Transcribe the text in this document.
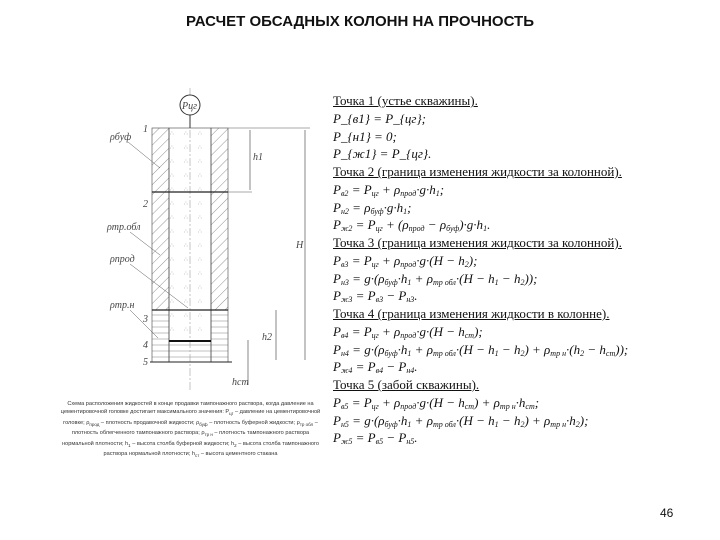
РАСЧЕТ ОБСАДНЫХ КОЛОНН НА ПРОЧНОСТЬ
Pцг
h1
H
h2
hст
ρбуф
ρтр.обл
ρпрод
ρтр.н
1
2
3
4
5
Точка 1 (устье скважины).
P_{в1} = P_{цг};
P_{н1} = 0;
P_{ж1} = P_{цг}.
Точка 2 (граница изменения жидкости за колонной).
$P_{в2} = P_{цг} + \rho_{прод}\cdot g\cdot h_1$;
$P_{н2} = \rho_{буф}\cdot g\cdot h_1$;
$P_{ж2} = P_{цг} + (\rho_{прод} - \rho_{буф})\cdot g\cdot h_1$.
Точка 3 (граница изменения жидкости за колонной).
$P_{в3} = P_{цг} + \rho_{прод}\cdot g\cdot(H - h_2)$;
$P_{н3} = g\cdot(\rho_{буф}\cdot h_1 + \rho_{тр обл}\cdot(H - h_1 - h_2))$;
$P_{ж3} = P_{в3} - P_{н3}$.
Точка 4 (граница изменения жидкости в колонне).
$P_{в4} = P_{цг} + \rho_{прод}\cdot g\cdot(H - h_{ст})$;
$P_{н4} = g\cdot(\rho_{буф}\cdot h_1 + \rho_{тр обл}\cdot(H - h_1 - h_2) + \rho_{тр н}\cdot(h_2 - h_{ст}))$;
$P_{ж4} = P_{в4} - P_{н4}$.
Точка 5 (забой скважины).
$P_{в5} = P_{цг} + \rho_{прод}\cdot g\cdot(H - h_{ст}) + \rho_{тр н}\cdot h_{ст}$;
$P_{н5} = g\cdot(\rho_{буф}\cdot h_1 + \rho_{тр обл}\cdot(H - h_1 - h_2) + \rho_{тр н}\cdot h_2)$;
$P_{ж5} = P_{в5} - P_{н5}$.
Схема расположения жидкостей в конце продавки тампонажного раствора, когда давление на цементировочной головке достигает максимального значения: $P_{цг}$ – давление на цементировочной головке; $\rho_{прод}$ – плотность продавочной жидкости; $\rho_{буф}$ – плотность буферной жидкости; $\rho_{тр обл}$ – плотность облегченного тампонажного раствора; $\rho_{тр н}$ – плотность тампонажного раствора нормальной плотности; $h_1$ – высота столба буферной жидкости; $h_2$ – высота столба тампонажного раствора нормальной плотности; $h_{ст}$ – высота цементного стакана
46
